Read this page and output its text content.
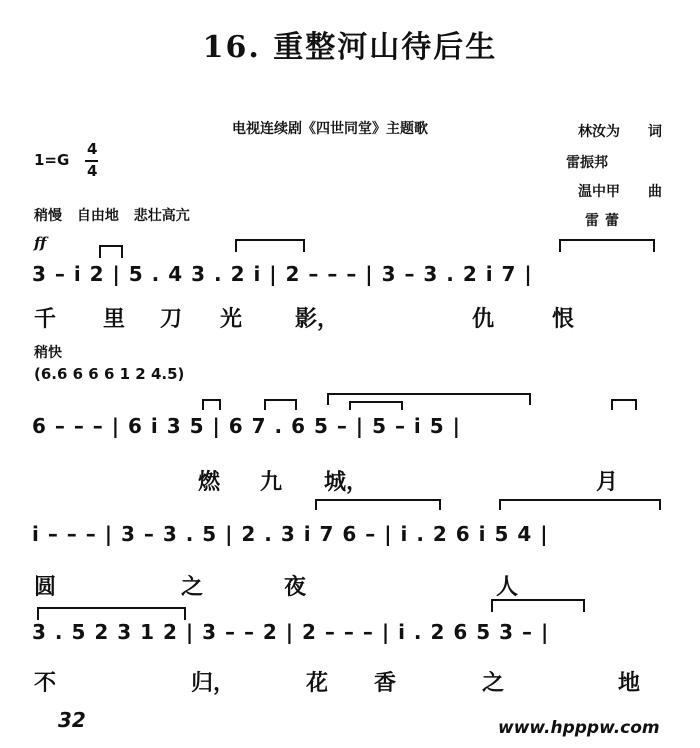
16. 重整河山待后生
电视连续剧《四世同堂》主题歌
1=G
4
4
林汝为 词
雷振邦
温中甲 曲
雷蕾
稍慢 自由地 悲壮高亢
ff
稍快
(6.6 6 6 6 1 2 4.5)
3 – i 2 | 5 . 4 3 . 2 i | 2 – – – | 3 – 3 . 2 i 7 |
6 – – – | 6 i 3 5 | 6 7 . 6 5 – | 5 – i 5 |
i – – – | 3 – 3 . 5 | 2 . 3 i 7 6 – | i . 2 6 i 5 4 |
3 . 5 2 3 1 2 | 3 – – 2 | 2 – – – | i . 2 6 5 3 – |
千 里 刀 光 影，	仇	恨
燃 九 城，	月
圆	之	夜	人
不	归，	花 香	之	地
32	www.hpppw.com
